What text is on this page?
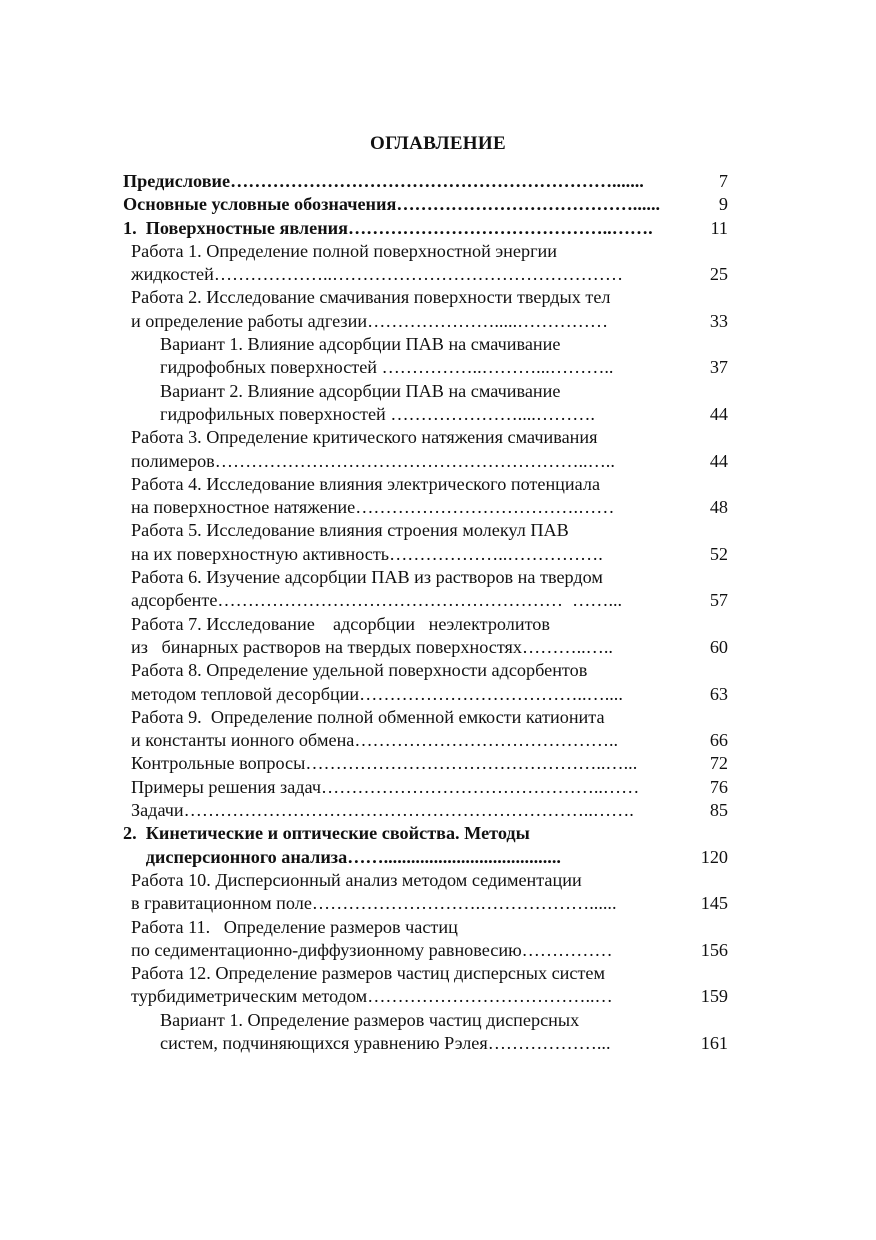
ОГЛАВЛЕНИЕ
Предисловие……………………………………………………….......	7
Основные условные обозначения…………………………………......	9
1.  Поверхностные явления……………………………………..…….	11
Работа 1. Определение полной поверхностной энергии
жидкостей………………..…………………………………………	25
Работа 2. Исследование смачивания поверхности твердых тел
и определение работы адгезии………………….....……………	33
Вариант 1. Влияние адсорбции ПАВ на смачивание
гидрофобных поверхностей ……………..………...………..	37
Вариант 2. Влияние адсорбции ПАВ на смачивание
гидрофильных поверхностей …………………....……….	44
Работа 3. Определение критического натяжения смачивания
полимеров……………………………………………………..…..	44
Работа 4. Исследование влияния электрического потенциала
на поверхностное натяжение……………………………….……	48
Работа 5. Исследование влияния строения молекул ПАВ
на их поверхностную активность………………..…………….	52
Работа 6. Изучение адсорбции ПАВ из растворов на твердом
адсорбенте…………………………………………………  ……...	57
Работа 7. Исследование    адсорбции   неэлектролитов
из   бинарных растворов на твердых поверхностях………..…..	60
Работа 8. Определение удельной поверхности адсорбентов
методом тепловой десорбции………………………………..…....	63
Работа 9.  Определение полной обменной емкости катионита
и константы ионного обмена……………………………………..	66
Контрольные вопросы…………………………………………..…...	72
Примеры решения задач………………………………………..……	76
Задачи…………………………………………………………..…….	85
2.  Кинетические и оптические свойства. Методы
дисперсионного анализа…….......................................	120
Работа 10. Дисперсионный анализ методом седиментации
в гравитационном поле……………………….………………......	145
Работа 11.   Определение размеров частиц
по седиментационно-диффузионному равновесию……………	156
Работа 12. Определение размеров частиц дисперсных систем
турбидиметрическим методом………………………………..…	159
Вариант 1. Определение размеров частиц дисперсных
систем, подчиняющихся уравнению Рэлея………………...	161
